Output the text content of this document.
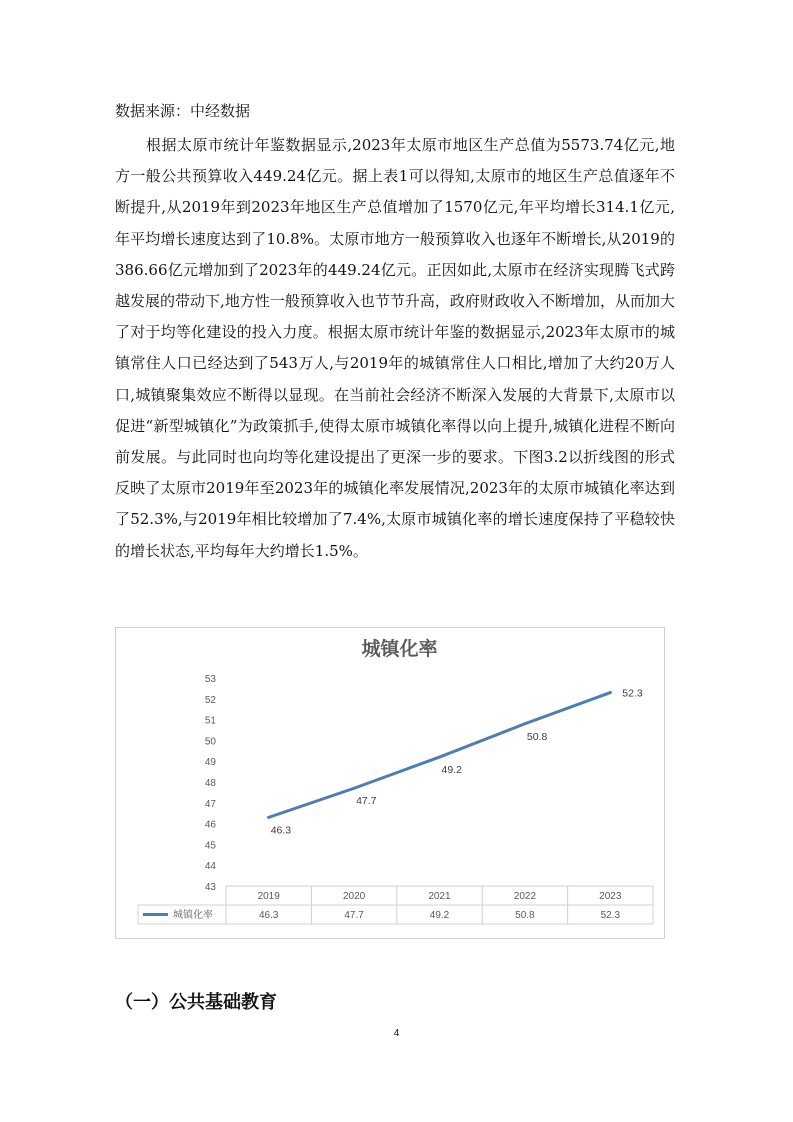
数据来源：中经数据

根据太原市统计年鉴数据显示,2023年太原市地区生产总值为5573.74亿元,地方一般公共预算收入449.24亿元。据上表1可以得知,太原市的地区生产总值逐年不断提升,从2019年到2023年地区生产总值增加了1570亿元,年平均增长314.1亿元,年平均增长速度达到了10.8%。太原市地方一般预算收入也逐年不断增长,从2019的386.66亿元增加到了2023年的449.24亿元。正因如此,太原市在经济实现腾飞式跨越发展的带动下,地方性一般预算收入也节节升高，政府财政收入不断增加，从而加大了对于均等化建设的投入力度。根据太原市统计年鉴的数据显示,2023年太原市的城镇常住人口已经达到了543万人,与2019年的城镇常住人口相比,增加了大约20万人口,城镇聚集效应不断得以显现。在当前社会经济不断深入发展的大背景下,太原市以促进“新型城镇化”为政策抓手,使得太原市城镇化率得以向上提升,城镇化进程不断向前发展。与此同时也向均等化建设提出了更深一步的要求。下图3.2以折线图的形式反映了太原市2019年至2023年的城镇化率发展情况,2023年的太原市城镇化率达到了52.3%,与2019年相比较增加了7.4%,太原市城镇化率的增长速度保持了平稳较快的增长状态,平均每年大约增长1.5%。

城镇化率
43
44
45
46
47
48
49
50
51
52
53
2019	2020	2021	2022	2023
城镇化率	46.3	47.7	49.2	50.8	52.3
46.3
47.7
49.2
50.8
52.3
（一）公共基础教育
4
